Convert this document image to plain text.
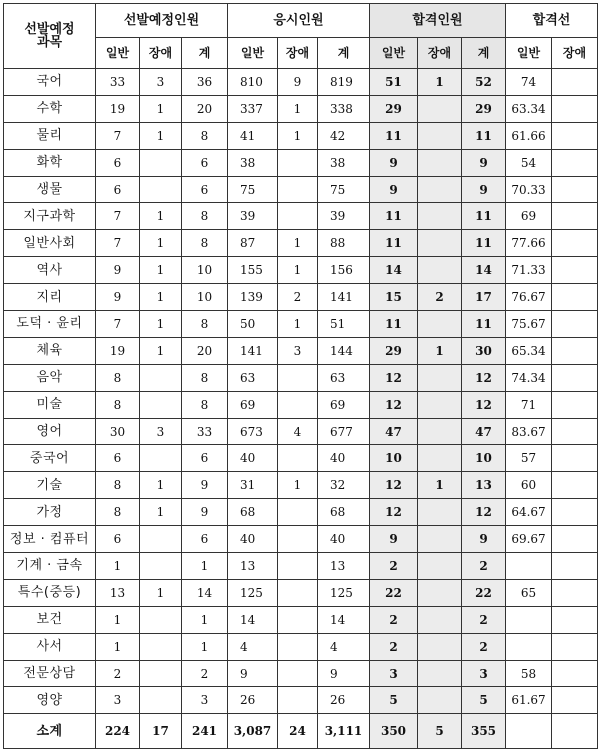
선발예정
과목	선발예정인원			응시인원			합격인원			합격선	
	일반	장애	계	일반	장애	계	일반	장애	계	일반	장애
국어	33	3	36	810	9	819	51	1	52	74	
수학	19	1	20	337	1	338	29		29	63.34	
물리	7	1	8	41	1	42	11		11	61.66	
화학	6		6	38		38	9		9	54	
생물	6		6	75		75	9		9	70.33	
지구과학	7	1	8	39		39	11		11	69	
일반사회	7	1	8	87	1	88	11		11	77.66	
역사	9	1	10	155	1	156	14		14	71.33	
지리	9	1	10	139	2	141	15	2	17	76.67	
도덕 · 윤리	7	1	8	50	1	51	11		11	75.67	
체육	19	1	20	141	3	144	29	1	30	65.34	
음악	8		8	63		63	12		12	74.34	
미술	8		8	69		69	12		12	71	
영어	30	3	33	673	4	677	47		47	83.67	
중국어	6		6	40		40	10		10	57	
기술	8	1	9	31	1	32	12	1	13	60	
가정	8	1	9	68		68	12		12	64.67	
정보 · 컴퓨터	6		6	40		40	9		9	69.67	
기계 · 금속	1		1	13		13	2		2		
특수(중등)	13	1	14	125		125	22		22	65	
보건	1		1	14		14	2		2		
사서	1		1	4		4	2		2		
전문상담	2		2	9		9	3		3	58	
영양	3		3	26		26	5		5	61.67	
소계	224	17	241	3,087	24	3,111	350	5	355		
